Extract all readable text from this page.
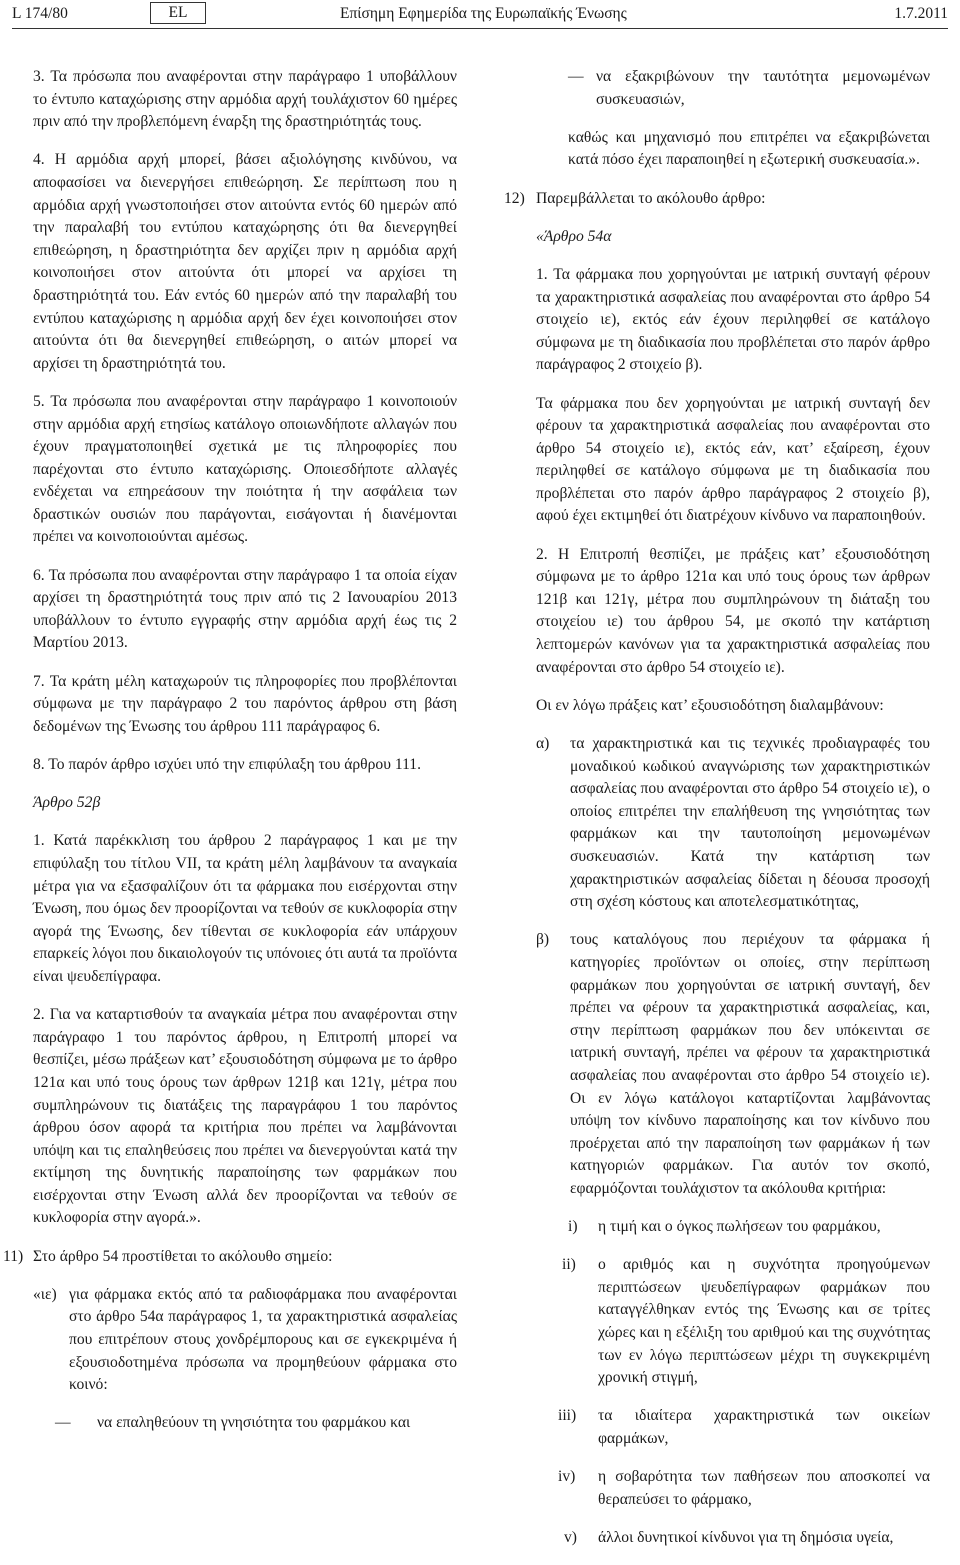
L 174/80	EL	Επίσημη Εφημερίδα της Ευρωπαϊκής Ένωσης	1.7.2011

3. Τα πρόσωπα που αναφέρονται στην παράγραφο 1 υποβάλλουν το έντυπο καταχώρισης στην αρμόδια αρχή τουλάχιστον 60 ημέρες πριν από την προβλεπόμενη έναρξη της δραστηριότητάς τους.

4. Η αρμόδια αρχή μπορεί, βάσει αξιολόγησης κινδύνου, να αποφασίσει να διενεργήσει επιθεώρηση. Σε περίπτωση που η αρμόδια αρχή γνωστοποιήσει στον αιτούντα εντός 60 ημερών από την παραλαβή του εντύπου καταχώρησης ότι θα διενεργηθεί επιθεώρηση, η δραστηριότητα δεν αρχίζει πριν η αρμόδια αρχή κοινοποιήσει στον αιτούντα ότι μπορεί να αρχίσει τη δραστηριότητά του. Εάν εντός 60 ημερών από την παραλαβή του εντύπου καταχώρισης η αρμόδια αρχή δεν έχει κοινοποιήσει στον αιτούντα ότι θα διενεργηθεί επιθεώρηση, ο αιτών μπορεί να αρχίσει τη δραστηριότητά του.

5. Τα πρόσωπα που αναφέρονται στην παράγραφο 1 κοινοποιούν στην αρμόδια αρχή ετησίως κατάλογο οποιωνδήποτε αλλαγών που έχουν πραγματοποιηθεί σχετικά με τις πληροφορίες που παρέχονται στο έντυπο καταχώρισης. Οποιεσδήποτε αλλαγές ενδέχεται να επηρεάσουν την ποιότητα ή την ασφάλεια των δραστικών ουσιών που παράγονται, εισάγονται ή διανέμονται πρέπει να κοινοποιούνται αμέσως.

6. Τα πρόσωπα που αναφέρονται στην παράγραφο 1 τα οποία είχαν αρχίσει τη δραστηριότητά τους πριν από τις 2 Ιανουαρίου 2013 υποβάλλουν το έντυπο εγγραφής στην αρμόδια αρχή έως τις 2 Μαρτίου 2013.

7. Τα κράτη μέλη καταχωρούν τις πληροφορίες που προβλέπονται σύμφωνα με την παράγραφο 2 του παρόντος άρθρου στη βάση δεδομένων της Ένωσης του άρθρου 111 παράγραφος 6.

8. Το παρόν άρθρο ισχύει υπό την επιφύλαξη του άρθρου 111.

Άρθρο 52β

1. Κατά παρέκκλιση του άρθρου 2 παράγραφος 1 και με την επιφύλαξη του τίτλου VII, τα κράτη μέλη λαμβάνουν τα αναγκαία μέτρα για να εξασφαλίζουν ότι τα φάρμακα που εισέρχονται στην Ένωση, που όμως δεν προορίζονται να τεθούν σε κυκλοφορία στην αγορά της Ένωσης, δεν τίθενται σε κυκλοφορία εάν υπάρχουν επαρκείς λόγοι που δικαιολογούν τις υπόνοιες ότι αυτά τα προϊόντα είναι ψευδεπίγραφα.

2. Για να καταρτισθούν τα αναγκαία μέτρα που αναφέρονται στην παράγραφο 1 του παρόντος άρθρου, η Επιτροπή μπορεί να θεσπίζει, μέσω πράξεων κατ’ εξουσιοδότηση σύμφωνα με το άρθρο 121α και υπό τους όρους των άρθρων 121β και 121γ, μέτρα που συμπληρώνουν τις διατάξεις της παραγράφου 1 του παρόντος άρθρου όσον αφορά τα κριτήρια που πρέπει να λαμβάνονται υπόψη και τις επαληθεύσεις που πρέπει να διενεργούνται κατά την εκτίμηση της δυνητικής παραποίησης των φαρμάκων που εισέρχονται στην Ένωση αλλά δεν προορίζονται να τεθούν σε κυκλοφορία στην αγορά.».

11) Στο άρθρο 54 προστίθεται το ακόλουθο σημείο:
«ιε) για φάρμακα εκτός από τα ραδιοφάρμακα που αναφέρονται στο άρθρο 54α παράγραφος 1, τα χαρακτηριστικά ασφαλείας που επιτρέπουν στους χονδρέμπορους και σε εγκεκριμένα ή εξουσιοδοτημένα πρόσωπα να προμηθεύουν φάρμακα στο κοινό:
— να επαληθεύουν τη γνησιότητα του φαρμάκου και
— να εξακριβώνουν την ταυτότητα μεμονωμένων συσκευασιών,
καθώς και μηχανισμό που επιτρέπει να εξακριβώνεται κατά πόσο έχει παραποιηθεί η εξωτερική συσκευασία.».
12) Παρεμβάλλεται το ακόλουθο άρθρο:

«Άρθρο 54α

1. Τα φάρμακα που χορηγούνται με ιατρική συνταγή φέρουν τα χαρακτηριστικά ασφαλείας που αναφέρονται στο άρθρο 54 στοιχείο ιε), εκτός εάν έχουν περιληφθεί σε κατάλογο σύμφωνα με τη διαδικασία που προβλέπεται στο παρόν άρθρο παράγραφος 2 στοιχείο β).
Τα φάρμακα που δεν χορηγούνται με ιατρική συνταγή δεν φέρουν τα χαρακτηριστικά ασφαλείας που αναφέρονται στο άρθρο 54 στοιχείο ιε), εκτός εάν, κατ’ εξαίρεση, έχουν περιληφθεί σε κατάλογο σύμφωνα με τη διαδικασία που προβλέπεται στο παρόν άρθρο παράγραφος 2 στοιχείο β), αφού έχει εκτιμηθεί ότι διατρέχουν κίνδυνο να παραποιηθούν.
2. Η Επιτροπή θεσπίζει, με πράξεις κατ’ εξουσιοδότηση σύμφωνα με το άρθρο 121α και υπό τους όρους των άρθρων 121β και 121γ, μέτρα που συμπληρώνουν τη διάταξη του στοιχείου ιε) του άρθρου 54, με σκοπό την κατάρτιση λεπτομερών κανόνων για τα χαρακτηριστικά ασφαλείας που αναφέρονται στο άρθρο 54 στοιχείο ιε).
Οι εν λόγω πράξεις κατ’ εξουσιοδότηση διαλαμβάνουν:
α) τα χαρακτηριστικά και τις τεχνικές προδιαγραφές του μοναδικού κωδικού αναγνώρισης των χαρακτηριστικών ασφαλείας που αναφέρονται στο άρθρο 54 στοιχείο ιε), ο οποίος επιτρέπει την επαλήθευση της γνησιότητας των φαρμάκων και την ταυτοποίηση μεμονωμένων συσκευασιών. Κατά την κατάρτιση των χαρακτηριστικών ασφαλείας δίδεται η δέουσα προσοχή στη σχέση κόστους και αποτελεσματικότητας,
β) τους καταλόγους που περιέχουν τα φάρμακα ή κατηγορίες προϊόντων οι οποίες, στην περίπτωση φαρμάκων που χορηγούνται σε ιατρική συνταγή, δεν πρέπει να φέρουν τα χαρακτηριστικά ασφαλείας, και, στην περίπτωση φαρμάκων που δεν υπόκεινται σε ιατρική συνταγή, πρέπει να φέρουν τα χαρακτηριστικά ασφαλείας που αναφέρονται στο άρθρο 54 στοιχείο ιε). Οι εν λόγω κατάλογοι καταρτίζονται λαμβάνοντας υπόψη τον κίνδυνο παραποίησης και τον κίνδυνο που προέρχεται από την παραποίηση των φαρμάκων ή των κατηγοριών φαρμάκων. Για αυτόν τον σκοπό, εφαρμόζονται τουλάχιστον τα ακόλουθα κριτήρια:
i) η τιμή και ο όγκος πωλήσεων του φαρμάκου,
ii) ο αριθμός και η συχνότητα προηγούμενων περιπτώσεων ψευδεπίγραφων φαρμάκων που καταγγέλθηκαν εντός της Ένωσης και σε τρίτες χώρες και η εξέλιξη του αριθμού και της συχνότητας των εν λόγω περιπτώσεων μέχρι τη συγκεκριμένη χρονική στιγμή,
iii) τα ιδιαίτερα χαρακτηριστικά των οικείων φαρμάκων,
iv) η σοβαρότητα των παθήσεων που αποσκοπεί να θεραπεύσει το φάρμακο,
v) άλλοι δυνητικοί κίνδυνοι για τη δημόσια υγεία,
